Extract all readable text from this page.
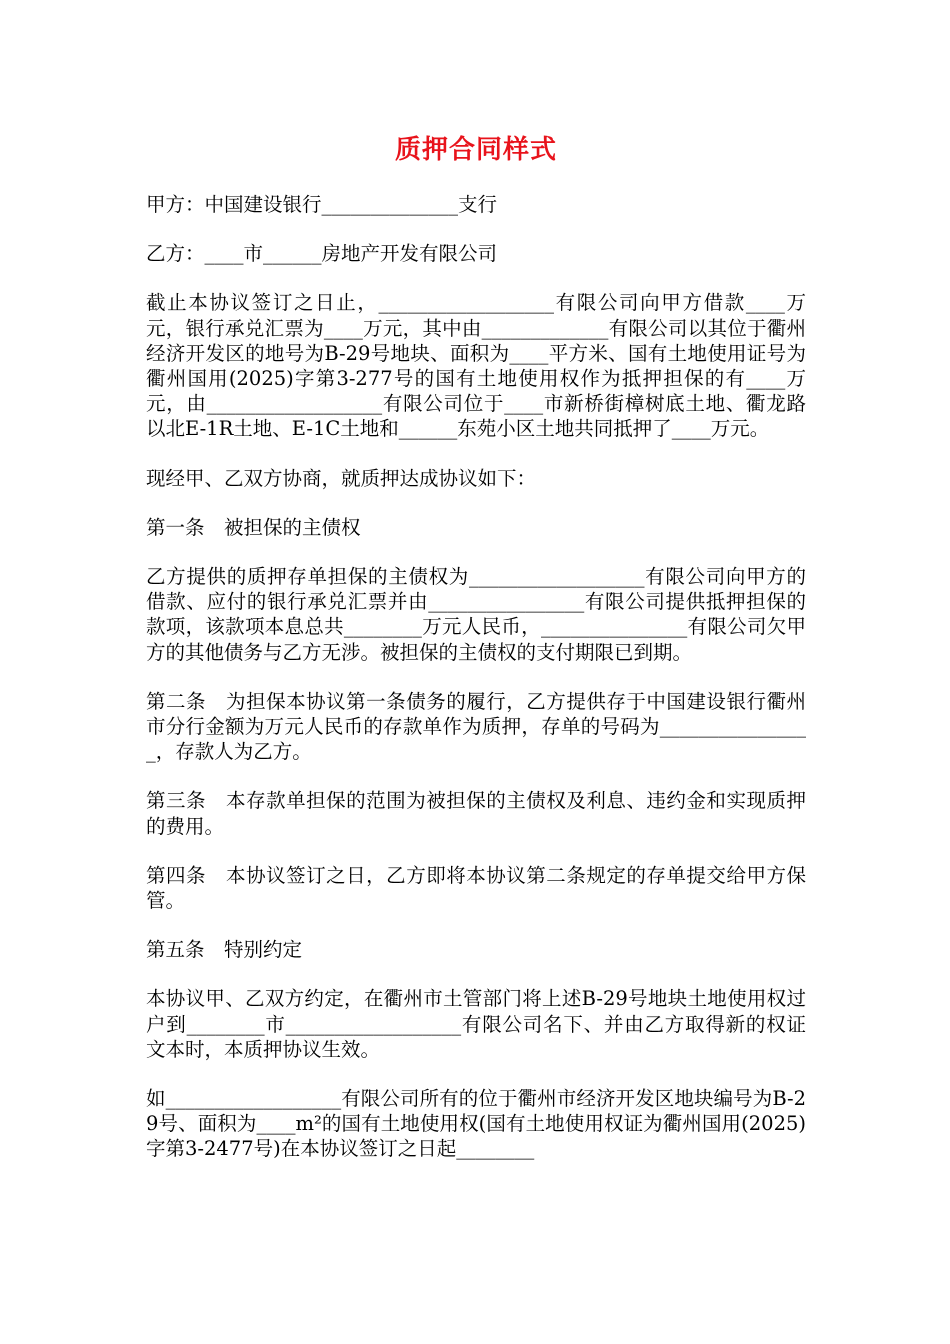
质押合同样式

甲方：中国建设银行______________支行

乙方：____市______房地产开发有限公司

截止本协议签订之日止，__________________有限公司向甲方借款____万元，银行承兑汇票为____万元，其中由_____________有限公司以其位于衢州经济开发区的地号为B-29号地块、面积为____平方米、国有土地使用证号为衢州国用(2025)字第3-277号的国有土地使用权作为抵押担保的有____万元，由__________________有限公司位于____市新桥街樟树底土地、衢龙路以北E-1R土地、E-1C土地和______东苑小区土地共同抵押了____万元。

现经甲、乙双方协商，就质押达成协议如下：

第一条　被担保的主债权

乙方提供的质押存单担保的主债权为__________________有限公司向甲方的借款、应付的银行承兑汇票并由________________有限公司提供抵押担保的款项，该款项本息总共________万元人民币，_______________有限公司欠甲方的其他债务与乙方无涉。被担保的主债权的支付期限已到期。

第二条　为担保本协议第一条债务的履行，乙方提供存于中国建设银行衢州市分行金额为万元人民币的存款单作为质押，存单的号码为________________，存款人为乙方。

第三条　本存款单担保的范围为被担保的主债权及利息、违约金和实现质押的费用。

第四条　本协议签订之日，乙方即将本协议第二条规定的存单提交给甲方保管。

第五条　特别约定

本协议甲、乙双方约定，在衢州市土管部门将上述B-29号地块土地使用权过户到________市__________________有限公司名下、并由乙方取得新的权证文本时，本质押协议生效。

如__________________有限公司所有的位于衢州市经济开发区地块编号为B-29号、面积为____m²的国有土地使用权(国有土地使用权证为衢州国用(2025)字第3-2477号)在本协议签订之日起________
